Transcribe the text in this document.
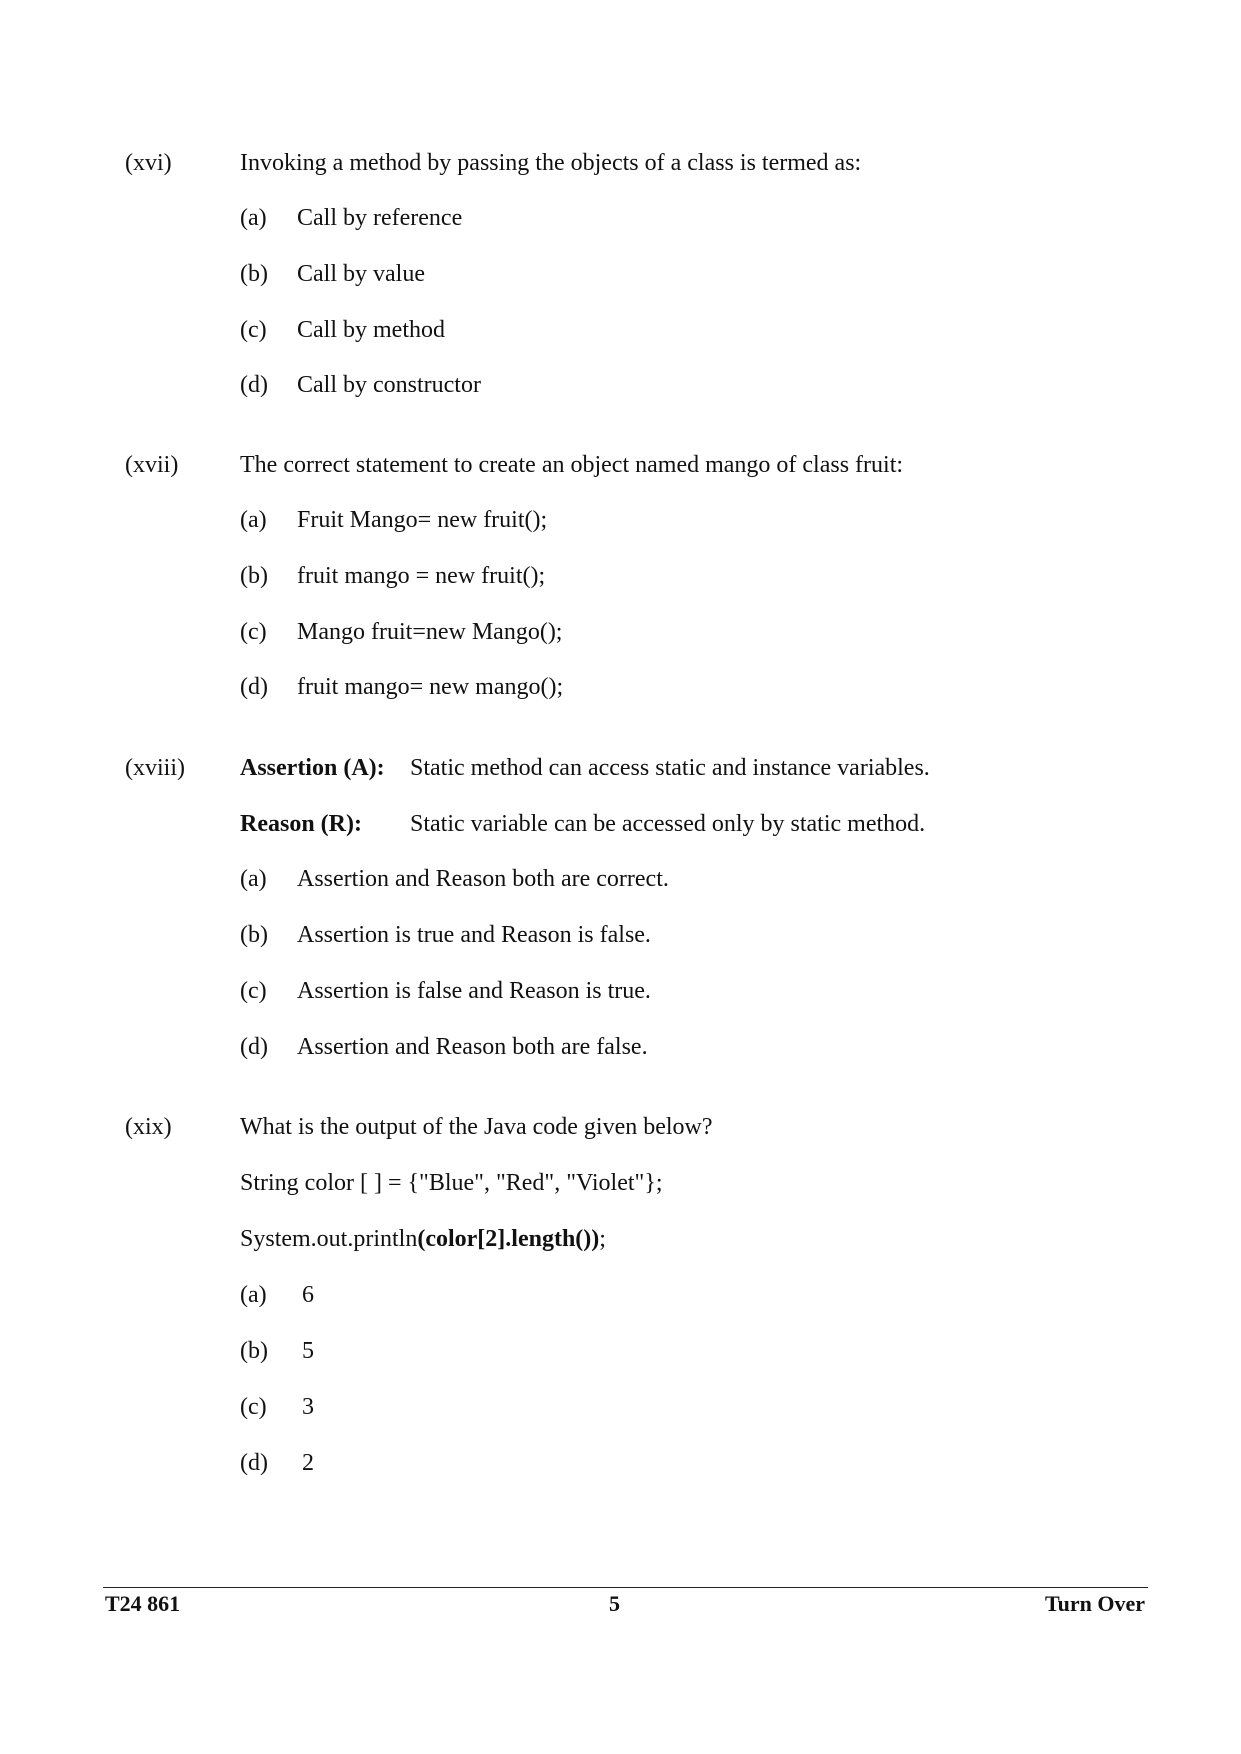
(xvi)	Invoking a method by passing the objects of a class is termed as:
(a) Call by reference
(b) Call by value
(c) Call by method
(d) Call by constructor
(xvii)	The correct statement to create an object named mango of class fruit:
(a) Fruit Mango= new fruit();
(b) fruit mango = new fruit();
(c) Mango fruit=new Mango();
(d) fruit mango= new mango();
(xviii) Assertion (A): Static method can access static and instance variables.
Reason (R): Static variable can be accessed only by static method.
(a) Assertion and Reason both are correct.
(b) Assertion is true and Reason is false.
(c) Assertion is false and Reason is true.
(d) Assertion and Reason both are false.
(xix)	What is the output of the Java code given below?
String color [ ] = {"Blue", "Red", "Violet"};
System.out.println(color[2].length());
(a) 6
(b) 5
(c) 3
(d) 2
T24 861	5	Turn Over
